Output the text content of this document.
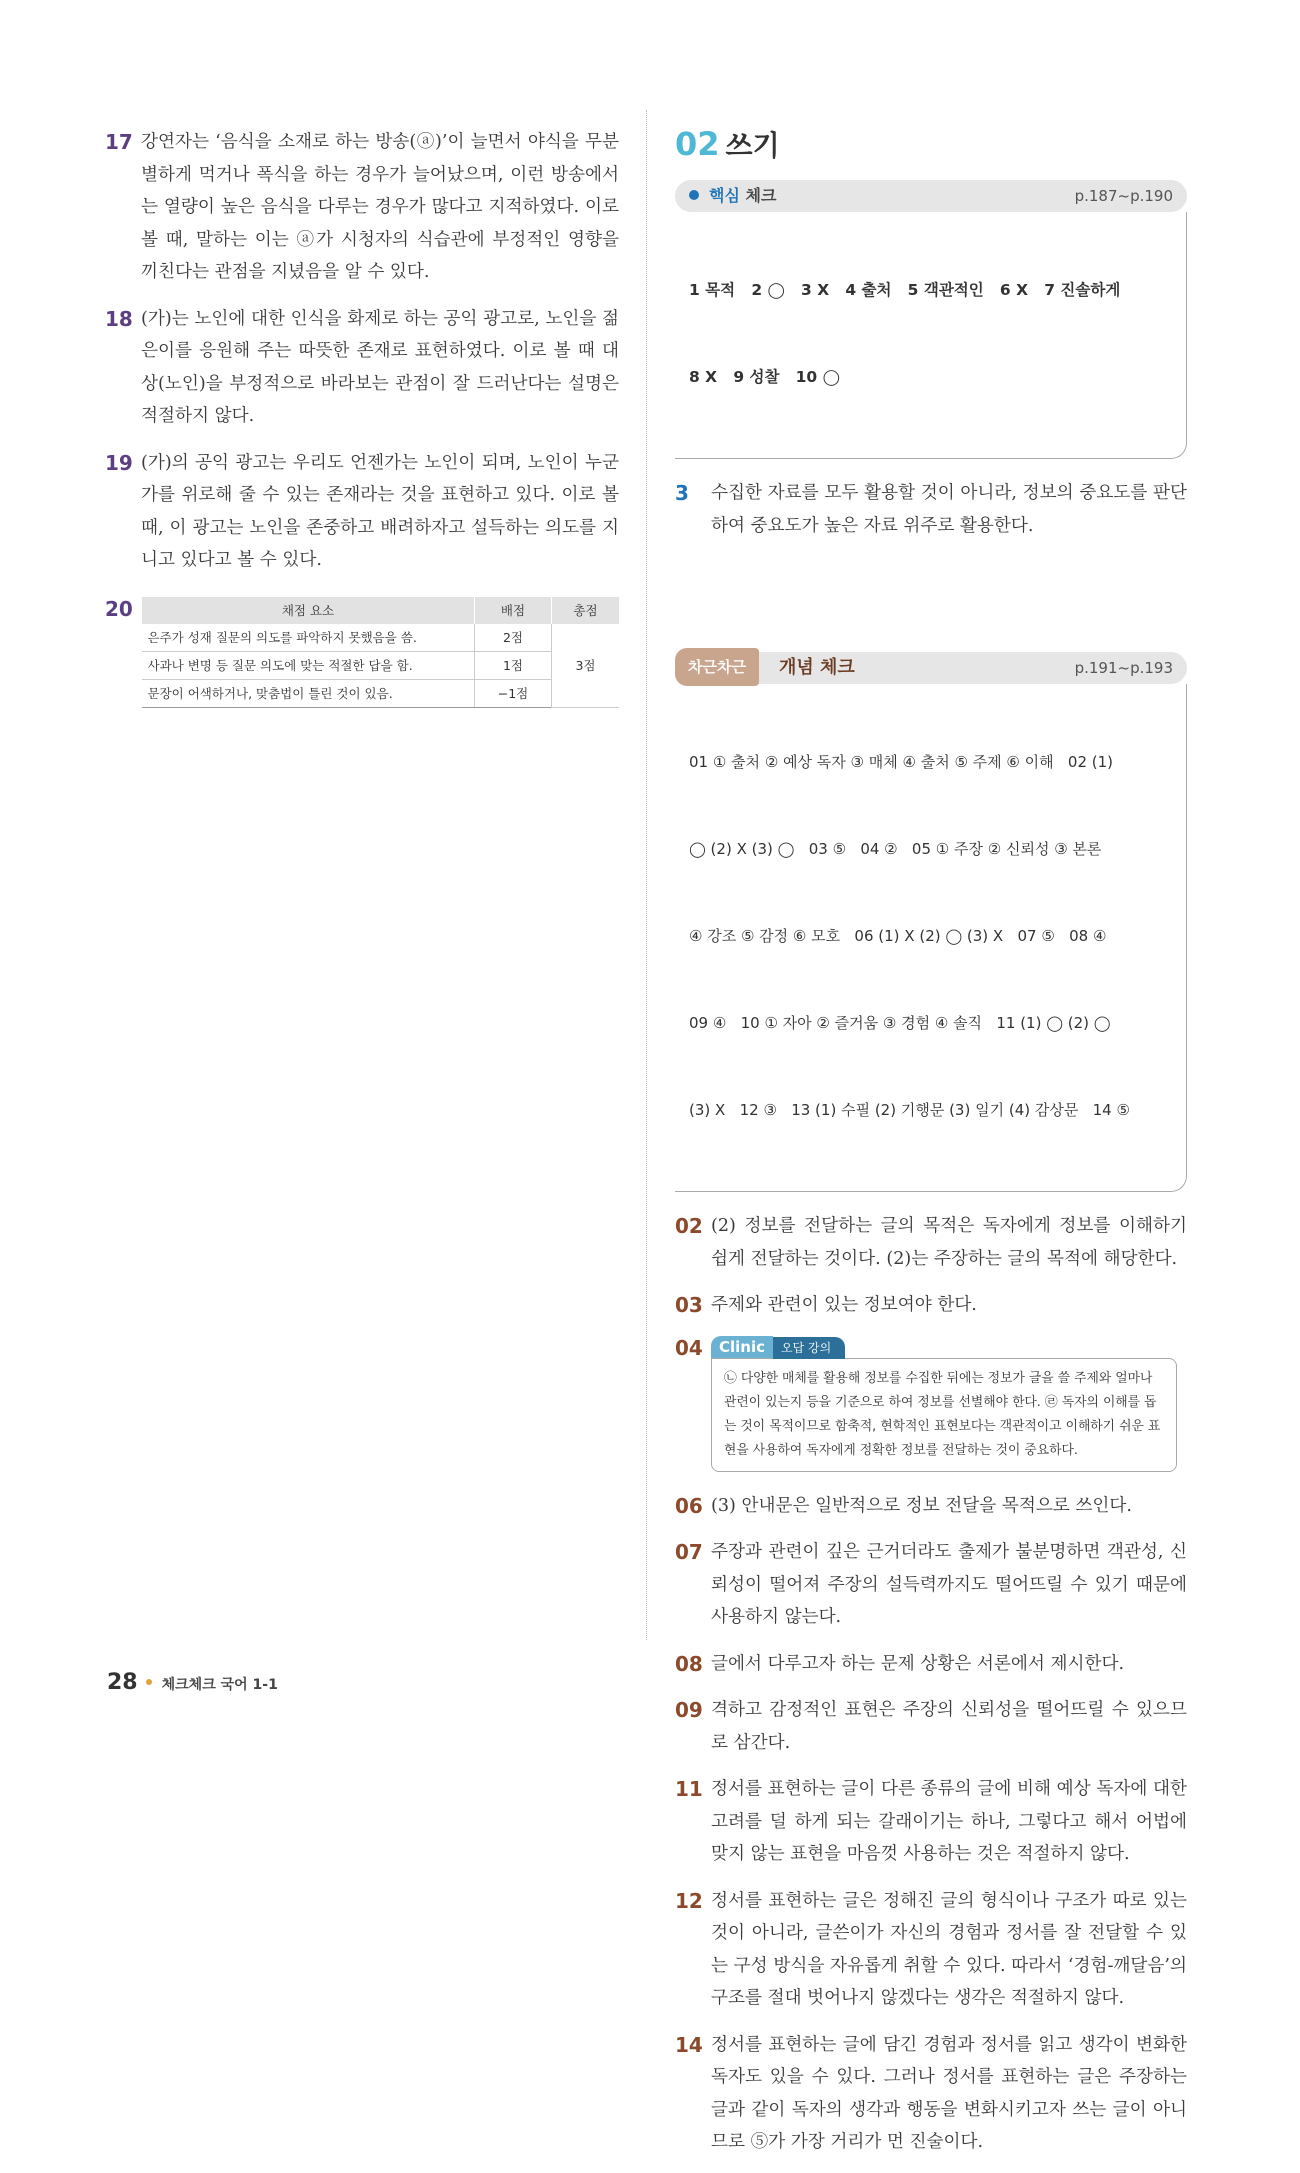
17 강연자는 ‘음식을 소재로 하는 방송(ⓐ)’이 늘면서 야식을 무분별하게 먹거나 폭식을 하는 경우가 늘어났으며, 이런 방송에서는 열량이 높은 음식을 다루는 경우가 많다고 지적하였다. 이로 볼 때, 말하는 이는 ⓐ가 시청자의 식습관에 부정적인 영향을 끼친다는 관점을 지녔음을 알 수 있다.
18 (가)는 노인에 대한 인식을 화제로 하는 공익 광고로, 노인을 젊은이를 응원해 주는 따뜻한 존재로 표현하였다. 이로 볼 때 대상(노인)을 부정적으로 바라보는 관점이 잘 드러난다는 설명은 적절하지 않다.
19 (가)의 공익 광고는 우리도 언젠가는 노인이 되며, 노인이 누군가를 위로해 줄 수 있는 존재라는 것을 표현하고 있다. 이로 볼 때, 이 광고는 노인을 존중하고 배려하자고 설득하는 의도를 지니고 있다고 볼 수 있다.
20	채점 요소	배점	총점
은주가 성재 질문의 의도를 파악하지 못했음을 씀.	2점	3점
사과나 변명 등 질문 의도에 맞는 적절한 답을 함.	1점	
문장이 어색하거나, 맞춤법이 틀린 것이 있음.	−1점	
02 쓰기
핵심 체크	p.187~p.190

1 목적   2 ◯   3 X   4 출처   5 객관적인   6 X   7 진솔하게

8 X   9 성찰   10 ◯

3 수집한 자료를 모두 활용할 것이 아니라, 정보의 중요도를 판단하여 중요도가 높은 자료 위주로 활용한다.
차근차근	개념 체크	p.191~p.193

01 ① 출처 ② 예상 독자 ③ 매체 ④ 출처 ⑤ 주제 ⑥ 이해   02 (1)

◯ (2) X (3) ◯   03 ⑤   04 ②   05 ① 주장 ② 신뢰성 ③ 본론

④ 강조 ⑤ 감정 ⑥ 모호   06 (1) X (2) ◯ (3) X   07 ⑤   08 ④

09 ④   10 ① 자아 ② 즐거움 ③ 경험 ④ 솔직   11 (1) ◯ (2) ◯

(3) X   12 ③   13 (1) 수필 (2) 기행문 (3) 일기 (4) 감상문   14 ⑤

02 (2) 정보를 전달하는 글의 목적은 독자에게 정보를 이해하기 쉽게 전달하는 것이다. (2)는 주장하는 글의 목적에 해당한다.
03 주제와 관련이 있는 정보여야 한다.
04 Clinic 오답 강의
㉡ 다양한 매체를 활용해 정보를 수집한 뒤에는 정보가 글을 쓸 주제와 얼마나 관련이 있는지 등을 기준으로 하여 정보를 선별해야 한다. ㉣ 독자의 이해를 돕는 것이 목적이므로 함축적, 현학적인 표현보다는 객관적이고 이해하기 쉬운 표현을 사용하여 독자에게 정확한 정보를 전달하는 것이 중요하다.
06 (3) 안내문은 일반적으로 정보 전달을 목적으로 쓰인다.
07 주장과 관련이 깊은 근거더라도 출제가 불분명하면 객관성, 신뢰성이 떨어져 주장의 설득력까지도 떨어뜨릴 수 있기 때문에 사용하지 않는다.
08 글에서 다루고자 하는 문제 상황은 서론에서 제시한다.
09 격하고 감정적인 표현은 주장의 신뢰성을 떨어뜨릴 수 있으므로 삼간다.
11 정서를 표현하는 글이 다른 종류의 글에 비해 예상 독자에 대한 고려를 덜 하게 되는 갈래이기는 하나, 그렇다고 해서 어법에 맞지 않는 표현을 마음껏 사용하는 것은 적절하지 않다.
12 정서를 표현하는 글은 정해진 글의 형식이나 구조가 따로 있는 것이 아니라, 글쓴이가 자신의 경험과 정서를 잘 전달할 수 있는 구성 방식을 자유롭게 취할 수 있다. 따라서 ‘경험-깨달음’의 구조를 절대 벗어나지 않겠다는 생각은 적절하지 않다.
14 정서를 표현하는 글에 담긴 경험과 정서를 읽고 생각이 변화한 독자도 있을 수 있다. 그러나 정서를 표현하는 글은 주장하는 글과 같이 독자의 생각과 행동을 변화시키고자 쓰는 글이 아니므로 ⑤가 가장 거리가 먼 진술이다.
28 체크체크 국어 1-1
